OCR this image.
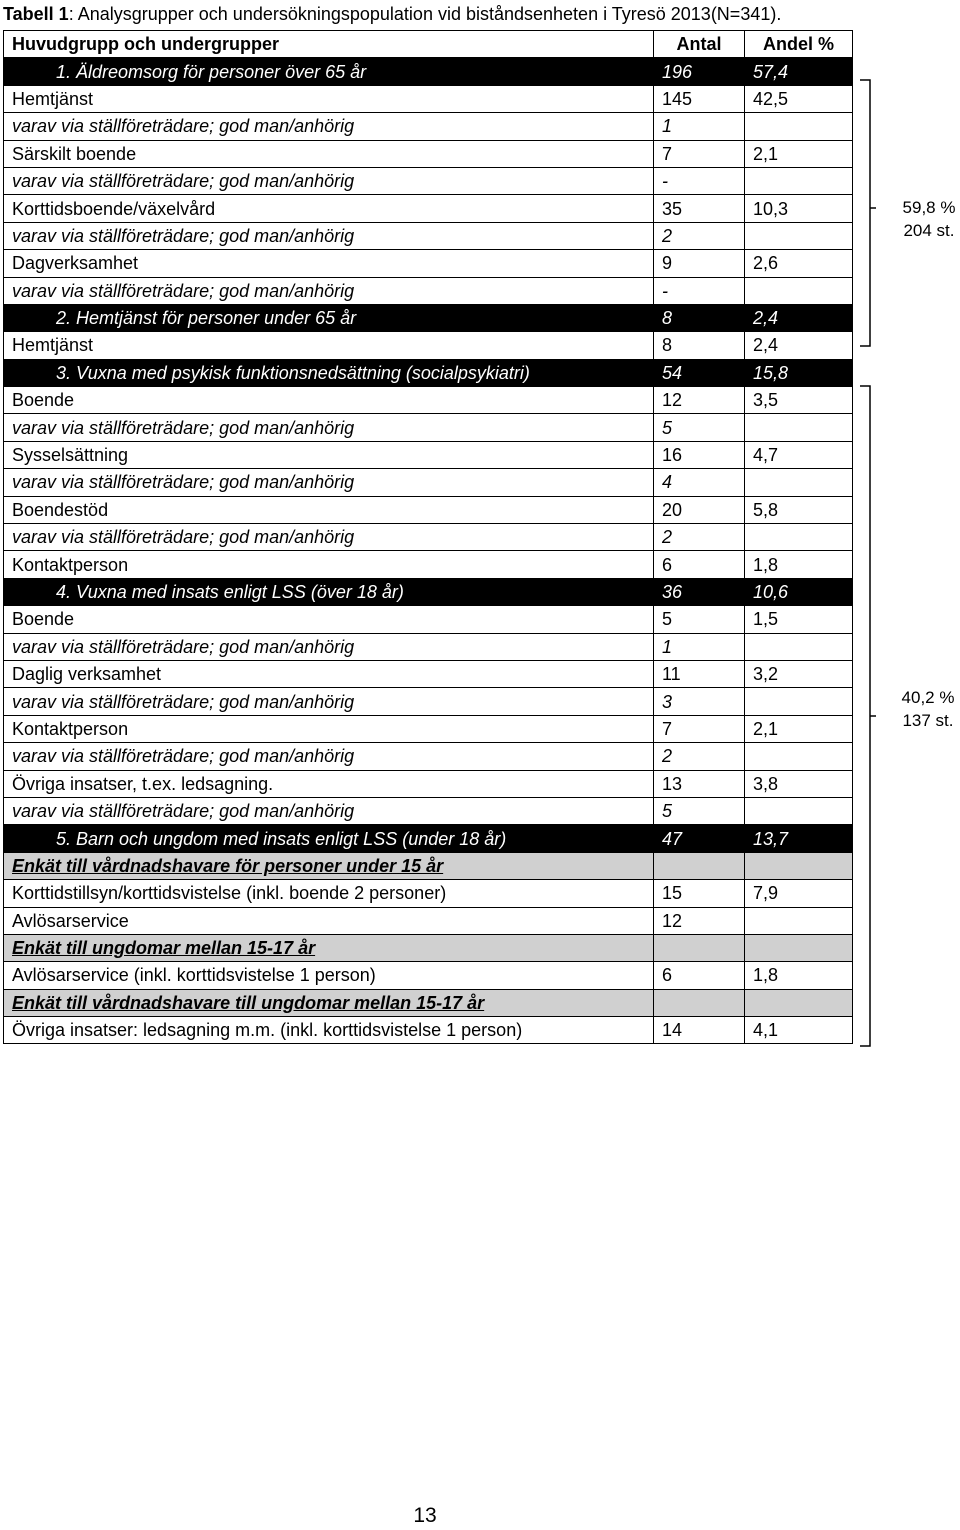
Tabell 1: Analysgrupper och undersökningspopulation vid biståndsenheten i Tyresö 2013(N=341).
Huvudgrupp och undergrupper	Antal	Andel %
1. Äldreomsorg för personer över 65 år	196	57,4
Hemtjänst	145	42,5
varav via ställföreträdare; god man/anhörig	1	
Särskilt boende	7	2,1
varav via ställföreträdare; god man/anhörig	-	
Korttidsboende/växelvård	35	10,3
varav via ställföreträdare; god man/anhörig	2	
Dagverksamhet	9	2,6
varav via ställföreträdare; god man/anhörig	-	
2. Hemtjänst för personer under 65 år	8	2,4
Hemtjänst	8	2,4
3. Vuxna med psykisk funktionsnedsättning (socialpsykiatri)	54	15,8
Boende	12	3,5
varav via ställföreträdare; god man/anhörig	5	
Sysselsättning	16	4,7
varav via ställföreträdare; god man/anhörig	4	
Boendestöd	20	5,8
varav via ställföreträdare; god man/anhörig	2	
Kontaktperson	6	1,8
4. Vuxna med insats enligt LSS (över 18 år)	36	10,6
Boende	5	1,5
varav via ställföreträdare; god man/anhörig	1	
Daglig verksamhet	11	3,2
varav via ställföreträdare; god man/anhörig	3	
Kontaktperson	7	2,1
varav via ställföreträdare; god man/anhörig	2	
Övriga insatser, t.ex. ledsagning.	13	3,8
varav via ställföreträdare; god man/anhörig	5	
5. Barn och ungdom med insats enligt LSS (under 18 år)	47	13,7
Enkät till vårdnadshavare för personer under 15 år		
Korttidstillsyn/korttidsvistelse (inkl. boende 2 personer)	15	7,9
Avlösarservice	12	
Enkät till ungdomar mellan 15-17 år		
Avlösarservice (inkl. korttidsvistelse 1 person)	6	1,8
Enkät till vårdnadshavare till ungdomar mellan 15-17 år		
Övriga insatser: ledsagning m.m. (inkl. korttidsvistelse 1 person)	14	4,1
59,8 %
204 st.
40,2 %
137 st.
13
